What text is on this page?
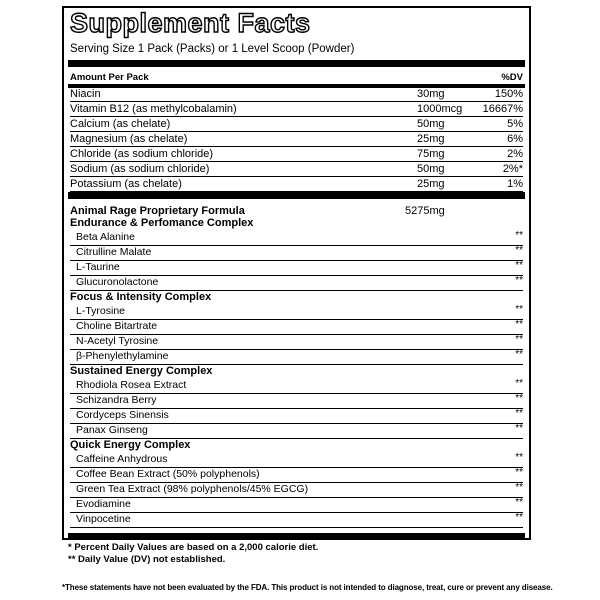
Supplement Facts
Serving Size 1 Pack (Packs) or 1 Level Scoop (Powder)
Amount Per Pack	%DV
Niacin	30mg	150%
Vitamin B12 (as methylcobalamin)	1000mcg 16667%
Calcium (as chelate)	50mg	5%
Magnesium (as chelate)	25mg	6%
Chloride (as sodium chloride)	75mg	2%
Sodium (as sodium chloride)	50mg	2%*
Potassium (as chelate)	25mg	1%
Animal Rage Proprietary Formula	5275mg
Endurance & Perfomance Complex
Beta Alanine	**
Citrulline Malate	**
L-Taurine	**
Glucuronolactone	**
Focus & Intensity Complex
L-Tyrosine	**
Choline Bitartrate	**
N-Acetyl Tyrosine	**
β-Phenylethylamine	**
Sustained Energy Complex
Rhodiola Rosea Extract	**
Schizandra Berry	**
Cordyceps Sinensis	**
Panax Ginseng	**
Quick Energy Complex
Caffeine Anhydrous	**
Coffee Bean Extract (50% polyphenols)	**
Green Tea Extract (98% polyphenols/45% EGCG)	**
Evodiamine	**
Vinpocetine	**
* Percent Daily Values are based on a 2,000 calorie diet.
** Daily Value (DV) not established.
*These statements have not been evaluated by the FDA. This product is not intended to diagnose, treat, cure or prevent any disease.
